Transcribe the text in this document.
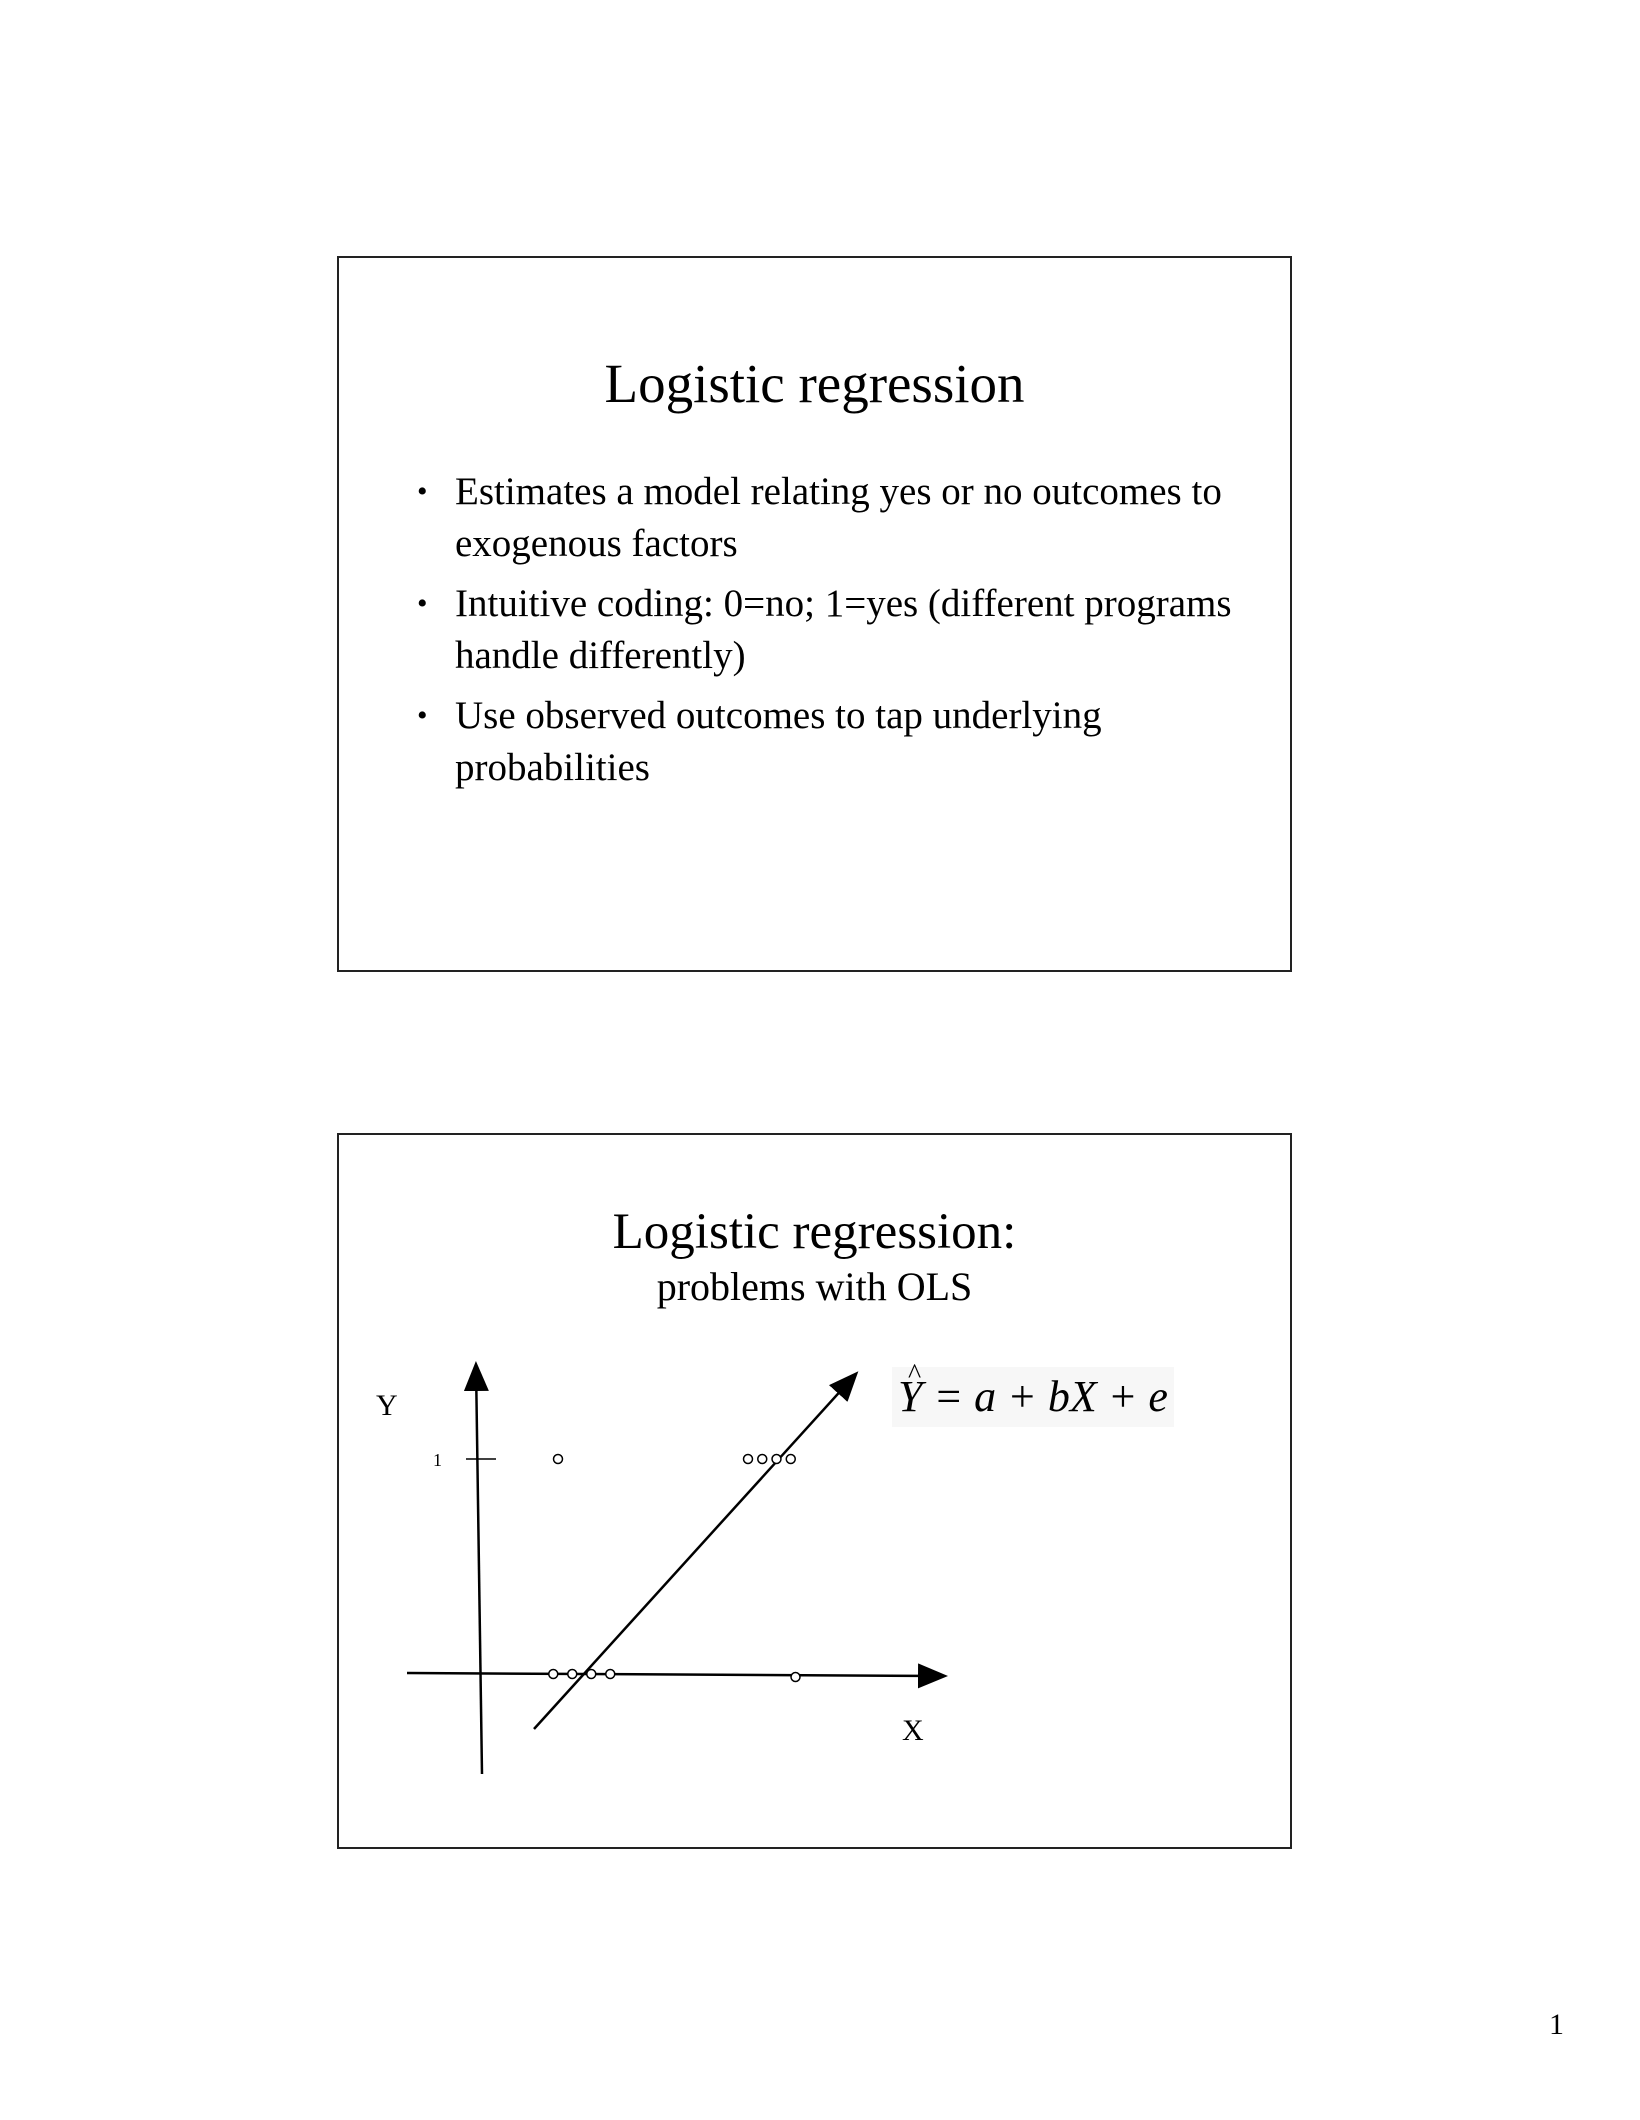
Logistic regression
• Estimates a model relating yes or no outcomes to exogenous factors
• Intuitive coding: 0=no; 1=yes (different programs handle differently)
• Use observed outcomes to tap underlying probabilities
Logistic regression:
problems with OLS
1
Y
X
^ Y = a + bX + e
1
